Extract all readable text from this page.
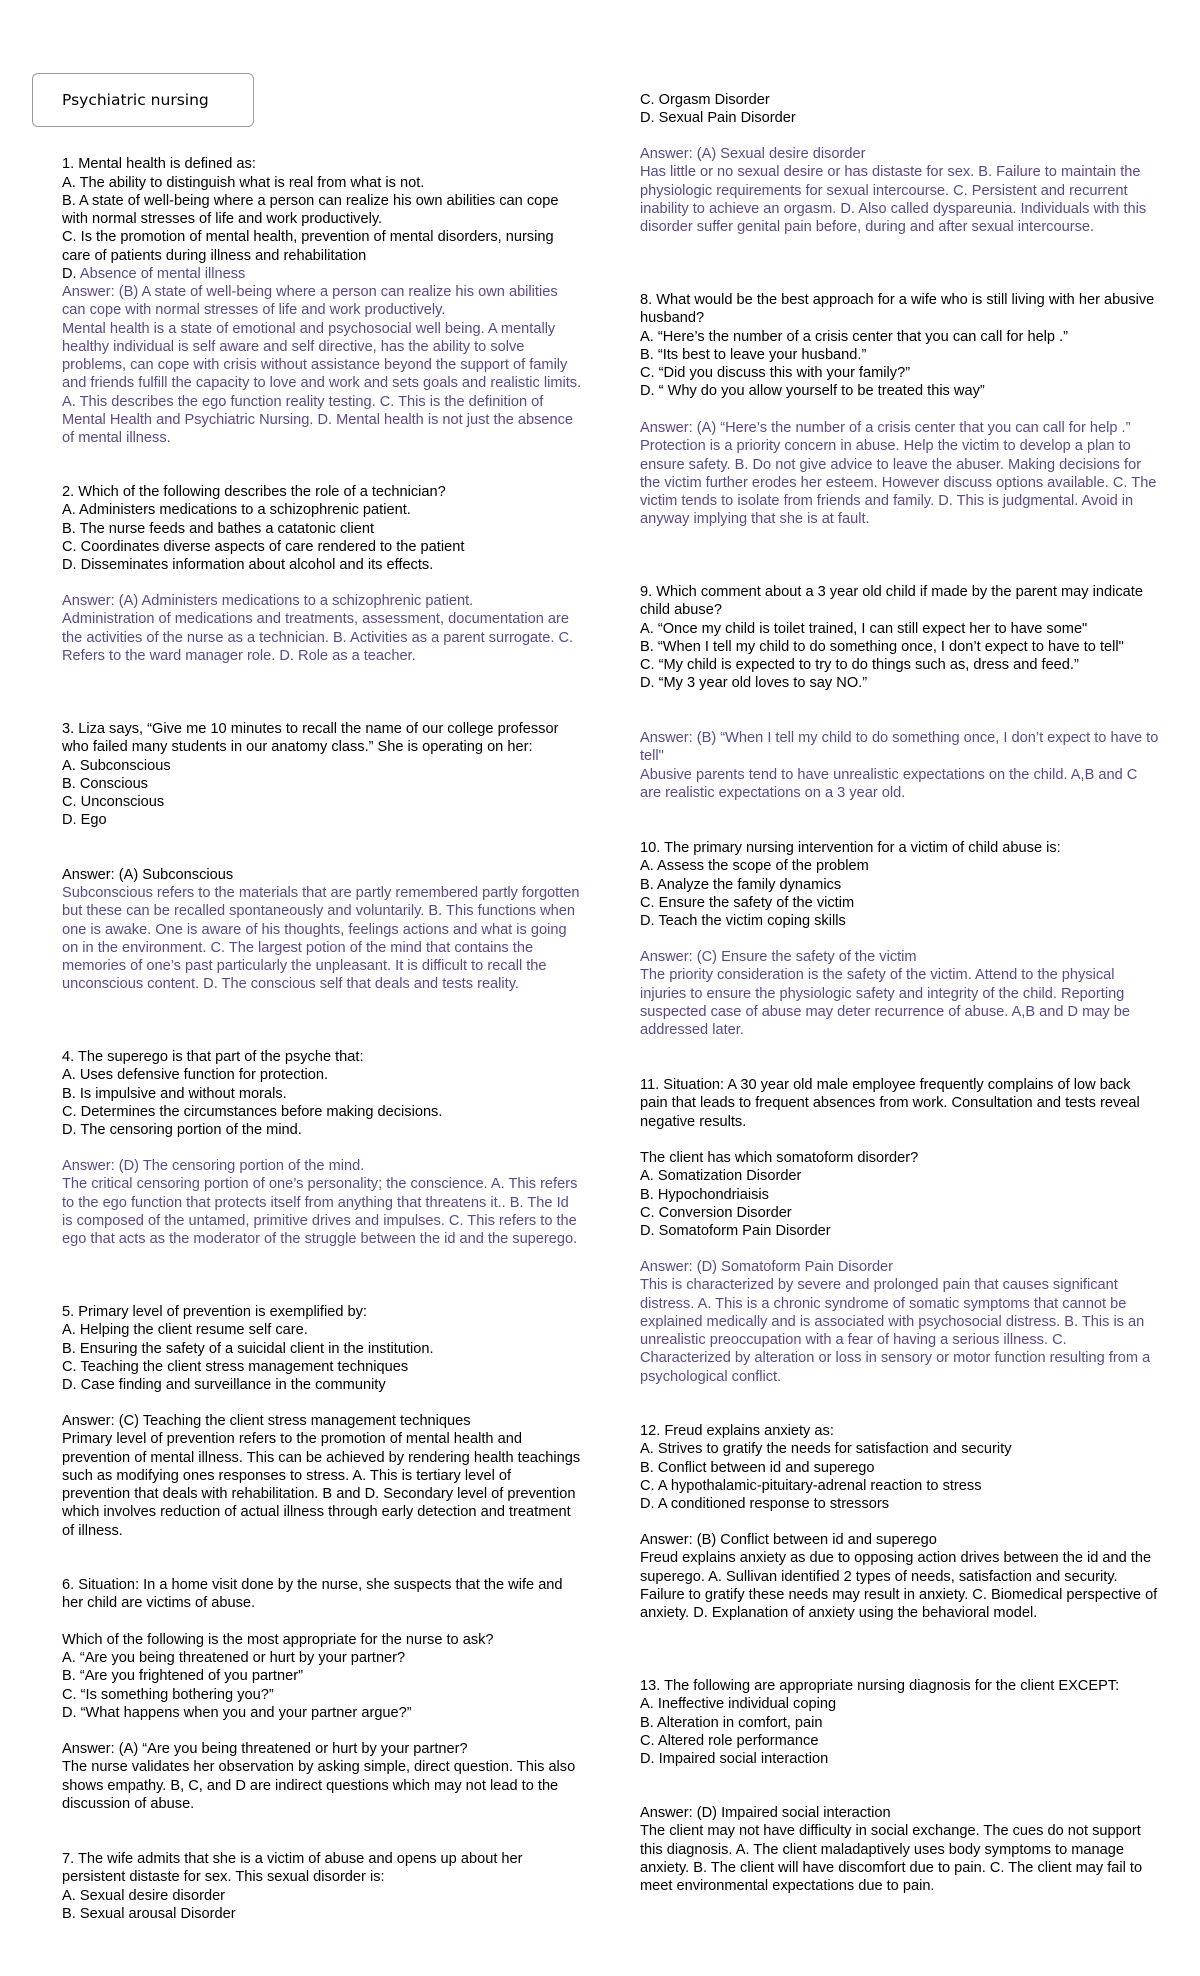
Psychiatric nursing

1. Mental health is defined as:
A. The ability to distinguish what is real from what is not.
B. A state of well-being where a person can realize his own abilities can cope with normal stresses of life and work productively.
C. Is the promotion of mental health, prevention of mental disorders, nursing care of patients during illness and rehabilitation
D. Absence of mental illness

Answer: (B) A state of well-being where a person can realize his own abilities can cope with normal stresses of life and work productively.
Mental health is a state of emotional and psychosocial well being. A mentally healthy individual is self aware and self directive, has the ability to solve problems, can cope with crisis without assistance beyond the support of family and friends fulfill the capacity to love and work and sets goals and realistic limits. A. This describes the ego function reality testing. C. This is the definition of Mental Health and Psychiatric Nursing. D. Mental health is not just the absence of mental illness.
2. Which of the following describes the role of a technician?
A. Administers medications to a schizophrenic patient.
B. The nurse feeds and bathes a catatonic client
C. Coordinates diverse aspects of care rendered to the patient
D. Disseminates information about alcohol and its effects.
Answer: (A) Administers medications to a schizophrenic patient.
Administration of medications and treatments, assessment, documentation are the activities of the nurse as a technician. B. Activities as a parent surrogate. C. Refers to the ward manager role. D. Role as a teacher.
3. Liza says, “Give me 10 minutes to recall the name of our college professor who failed many students in our anatomy class.” She is operating on her:
A. Subconscious
B. Conscious
C. Unconscious
D. Ego
Answer: (A) Subconscious
Subconscious refers to the materials that are partly remembered partly forgotten but these can be recalled spontaneously and voluntarily. B. This functions when one is awake. One is aware of his thoughts, feelings actions and what is going on in the environment. C. The largest potion of the mind that contains the memories of one’s past particularly the unpleasant. It is difficult to recall the unconscious content. D. The conscious self that deals and tests reality.
4. The superego is that part of the psyche that:
A. Uses defensive function for protection.
B. Is impulsive and without morals.
C. Determines the circumstances before making decisions.
D. The censoring portion of the mind.
Answer: (D) The censoring portion of the mind.
The critical censoring portion of one’s personality; the conscience. A. This refers to the ego function that protects itself from anything that threatens it.. B. The Id is composed of the untamed, primitive drives and impulses. C. This refers to the ego that acts as the moderator of the struggle between the id and the superego.
5. Primary level of prevention is exemplified by:
A. Helping the client resume self care.
B. Ensuring the safety of a suicidal client in the institution.
C. Teaching the client stress management techniques
D. Case finding and surveillance in the community
Answer: (C) Teaching the client stress management techniques
Primary level of prevention refers to the promotion of mental health and prevention of mental illness. This can be achieved by rendering health teachings such as modifying ones responses to stress. A. This is tertiary level of prevention that deals with rehabilitation. B and D. Secondary level of prevention which involves reduction of actual illness through early detection and treatment of illness.
6. Situation: In a home visit done by the nurse, she suspects that the wife and her child are victims of abuse.

Which of the following is the most appropriate for the nurse to ask?
A. “Are you being threatened or hurt by your partner?
B. “Are you frightened of you partner”
C. “Is something bothering you?”
D. “What happens when you and your partner argue?”
Answer: (A) “Are you being threatened or hurt by your partner?
The nurse validates her observation by asking simple, direct question. This also shows empathy. B, C, and D are indirect questions which may not lead to the discussion of abuse.
7. The wife admits that she is a victim of abuse and opens up about her persistent distaste for sex. This sexual disorder is:
A. Sexual desire disorder
B. Sexual arousal Disorder
C. Orgasm Disorder
D. Sexual Pain Disorder
Answer: (A) Sexual desire disorder
Has little or no sexual desire or has distaste for sex. B. Failure to maintain the physiologic requirements for sexual intercourse. C. Persistent and recurrent inability to achieve an orgasm. D. Also called dyspareunia. Individuals with this disorder suffer genital pain before, during and after sexual intercourse.
8. What would be the best approach for a wife who is still living with her abusive husband?
A. “Here’s the number of a crisis center that you can call for help .”
B. “Its best to leave your husband.”
C. “Did you discuss this with your family?”
D. “ Why do you allow yourself to be treated this way”
Answer: (A) “Here’s the number of a crisis center that you can call for help .”
Protection is a priority concern in abuse. Help the victim to develop a plan to ensure safety. B. Do not give advice to leave the abuser. Making decisions for the victim further erodes her esteem. However discuss options available. C. The victim tends to isolate from friends and family. D. This is judgmental. Avoid in anyway implying that she is at fault.
9. Which comment about a 3 year old child if made by the parent may indicate child abuse?
A. “Once my child is toilet trained, I can still expect her to have some"
B. “When I tell my child to do something once, I don’t expect to have to tell"
C. “My child is expected to try to do things such as, dress and feed.”
D. “My 3 year old loves to say NO.”
Answer: (B) “When I tell my child to do something once, I don’t expect to have to tell"
Abusive parents tend to have unrealistic expectations on the child. A,B and C are realistic expectations on a 3 year old.
10. The primary nursing intervention for a victim of child abuse is:
A. Assess the scope of the problem
B. Analyze the family dynamics
C. Ensure the safety of the victim
D. Teach the victim coping skills
Answer: (C) Ensure the safety of the victim
The priority consideration is the safety of the victim. Attend to the physical injuries to ensure the physiologic safety and integrity of the child. Reporting suspected case of abuse may deter recurrence of abuse. A,B and D may be addressed later.
11. Situation: A 30 year old male employee frequently complains of low back pain that leads to frequent absences from work. Consultation and tests reveal negative results.

The client has which somatoform disorder?
A. Somatization Disorder
B. Hypochondriaisis
C. Conversion Disorder
D. Somatoform Pain Disorder
Answer: (D) Somatoform Pain Disorder
This is characterized by severe and prolonged pain that causes significant distress. A. This is a chronic syndrome of somatic symptoms that cannot be explained medically and is associated with psychosocial distress. B. This is an unrealistic preoccupation with a fear of having a serious illness. C. Characterized by alteration or loss in sensory or motor function resulting from a psychological conflict.
12. Freud explains anxiety as:
A. Strives to gratify the needs for satisfaction and security
B. Conflict between id and superego
C. A hypothalamic-pituitary-adrenal reaction to stress
D. A conditioned response to stressors
Answer: (B) Conflict between id and superego
Freud explains anxiety as due to opposing action drives between the id and the superego. A. Sullivan identified 2 types of needs, satisfaction and security. Failure to gratify these needs may result in anxiety. C. Biomedical perspective of anxiety. D. Explanation of anxiety using the behavioral model.
13. The following are appropriate nursing diagnosis for the client EXCEPT:
A. Ineffective individual coping
B. Alteration in comfort, pain
C. Altered role performance
D. Impaired social interaction
Answer: (D) Impaired social interaction
The client may not have difficulty in social exchange. The cues do not support this diagnosis. A. The client maladaptively uses body symptoms to manage anxiety. B. The client will have discomfort due to pain. C. The client may fail to meet environmental expectations due to pain.
